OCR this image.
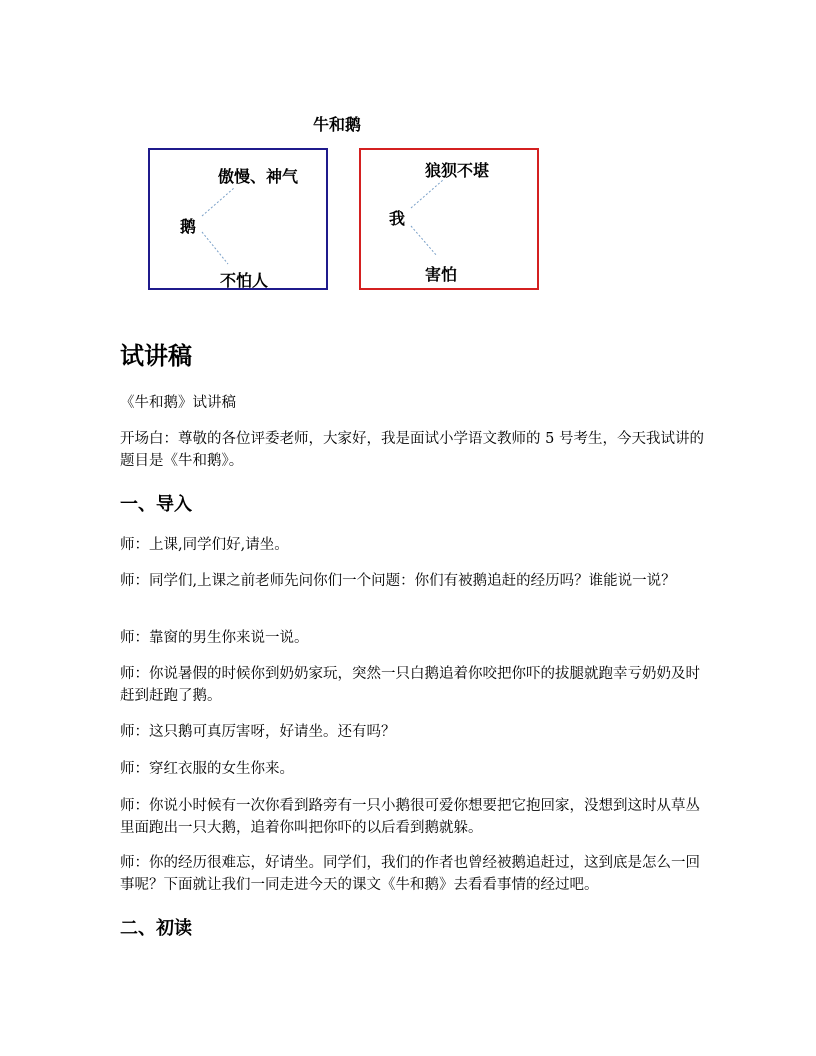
牛和鹅
傲慢、神气
鹅
不怕人
狼狈不堪
我
害怕
试讲稿

《牛和鹅》试讲稿

开场白：尊敬的各位评委老师，大家好，我是面试小学语文教师的 5 号考生，今天我试讲的题目是《牛和鹅》。

一、导入

师：上课,同学们好,请坐。

师：同学们,上课之前老师先问你们一个问题：你们有被鹅追赶的经历吗？谁能说一说？

师：靠窗的男生你来说一说。

师：你说暑假的时候你到奶奶家玩，突然一只白鹅追着你咬把你吓的拔腿就跑幸亏奶奶及时赶到赶跑了鹅。

师：这只鹅可真厉害呀，好请坐。还有吗？

师：穿红衣服的女生你来。

师：你说小时候有一次你看到路旁有一只小鹅很可爱你想要把它抱回家，没想到这时从草丛里面跑出一只大鹅，追着你叫把你吓的以后看到鹅就躲。

师：你的经历很难忘，好请坐。同学们，我们的作者也曾经被鹅追赶过，这到底是怎么一回事呢？下面就让我们一同走进今天的课文《牛和鹅》去看看事情的经过吧。

二、初读
